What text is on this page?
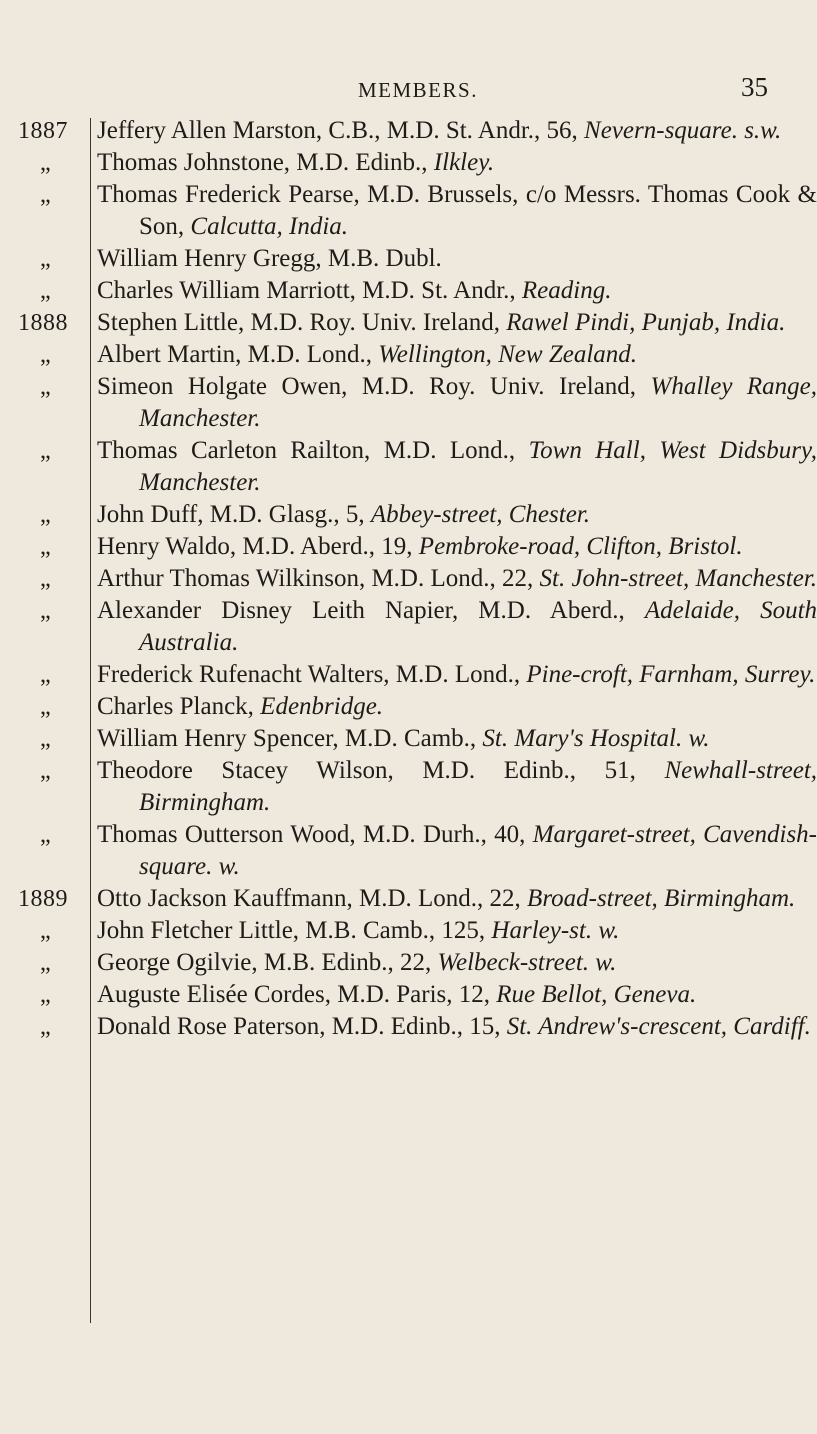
MEMBERS.	35
1887	Jeffery Allen Marston, C.B., M.D. St. Andr., 56, Nevern-square. s.w.
„	Thomas Johnstone, M.D. Edinb., Ilkley.
„	Thomas Frederick Pearse, M.D. Brussels, c/o Messrs. Thomas Cook & Son, Calcutta, India.
„	William Henry Gregg, M.B. Dubl.
„	Charles William Marriott, M.D. St. Andr., Reading.
1888	Stephen Little, M.D. Roy. Univ. Ireland, Rawel Pindi, Punjab, India.
„	Albert Martin, M.D. Lond., Wellington, New Zealand.
„	Simeon Holgate Owen, M.D. Roy. Univ. Ireland, Whalley Range, Manchester.
„	Thomas Carleton Railton, M.D. Lond., Town Hall, West Didsbury, Manchester.
„	John Duff, M.D. Glasg., 5, Abbey-street, Chester.
„	Henry Waldo, M.D. Aberd., 19, Pembroke-road, Clifton, Bristol.
„	Arthur Thomas Wilkinson, M.D. Lond., 22, St. John-street, Manchester.
„	Alexander Disney Leith Napier, M.D. Aberd., Adelaide, South Australia.
„	Frederick Rufenacht Walters, M.D. Lond., Pine-croft, Farnham, Surrey.
„	Charles Planck, Edenbridge.
„	William Henry Spencer, M.D. Camb., St. Mary's Hospital. w.
„	Theodore Stacey Wilson, M.D. Edinb., 51, Newhall-street, Birmingham.
„	Thomas Outterson Wood, M.D. Durh., 40, Margaret-street, Cavendish-square. w.
1889	Otto Jackson Kauffmann, M.D. Lond., 22, Broad-street, Birmingham.
„	John Fletcher Little, M.B. Camb., 125, Harley-st. w.
„	George Ogilvie, M.B. Edinb., 22, Welbeck-street. w.
„	Auguste Elisée Cordes, M.D. Paris, 12, Rue Bellot, Geneva.
„	Donald Rose Paterson, M.D. Edinb., 15, St. Andrew's-crescent, Cardiff.
